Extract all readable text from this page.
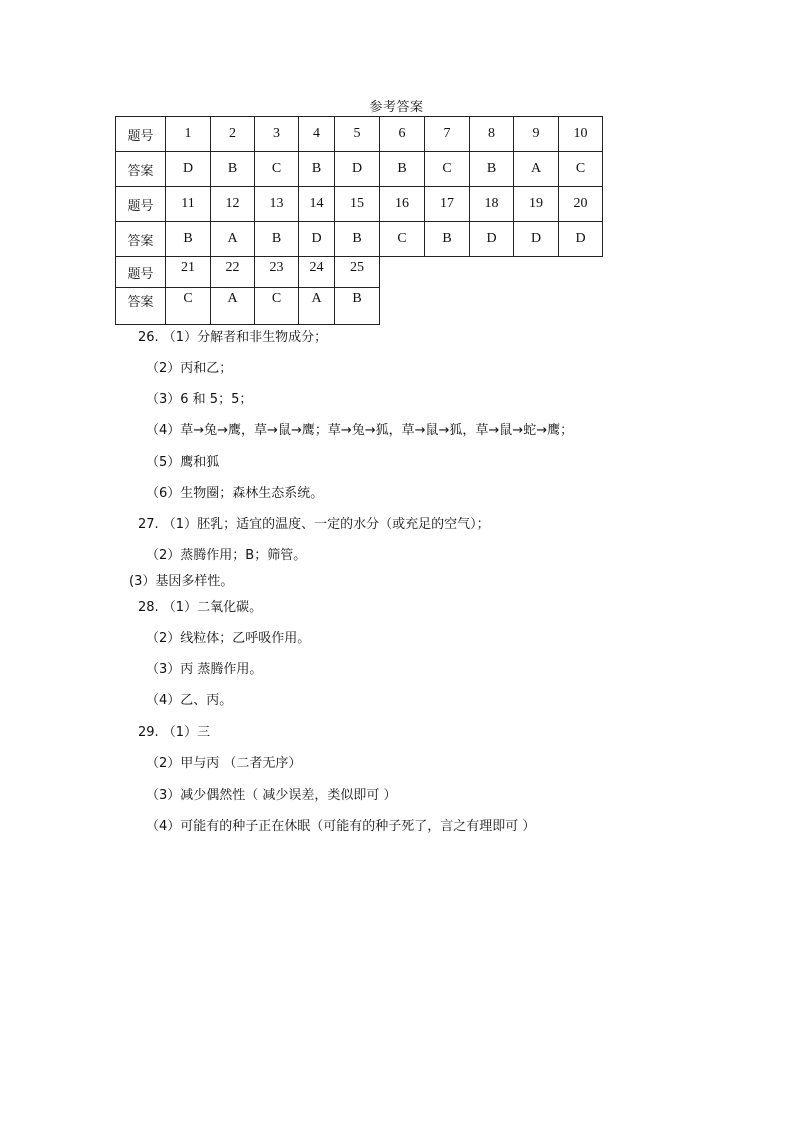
参考答案
题号	1	2	3	4	5	6	7	8	9	10
答案	D	B	C	B	D	B	C	B	A	C
题号	11	12	13	14	15	16	17	18	19	20
答案	B	A	B	D	B	C	B	D	D	D
题号	21	22	23	24	25
答案	C	A	C	A	B
26. （1）分解者和非生物成分；
（2）丙和乙；
（3）6 和 5；5；
（4）草→兔→鹰，草→鼠→鹰；草→兔→狐，草→鼠→狐，草→鼠→蛇→鹰；
（5）鹰和狐
（6）生物圈；森林生态系统。
27. （1）胚乳；适宜的温度、一定的水分（或充足的空气）；
（2）蒸腾作用；B；筛管。
(3）基因多样性。
28. （1）二氧化碳。
（2）线粒体；乙呼吸作用。
（3）丙 蒸腾作用。
（4）乙、丙。
29. （1）三
（2）甲与丙 （二者无序）
（3）减少偶然性（ 减少误差，类似即可 ）
（4）可能有的种子正在休眠（可能有的种子死了，言之有理即可 ）
